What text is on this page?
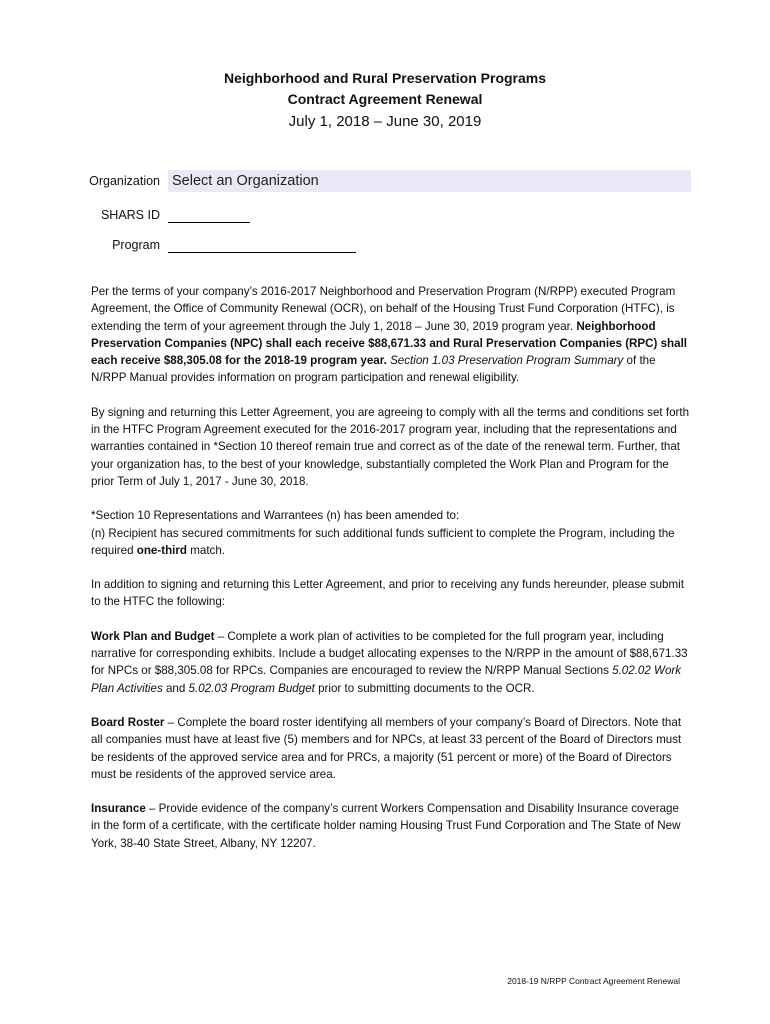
Neighborhood and Rural Preservation Programs
Contract Agreement Renewal
July 1, 2018 – June 30, 2019
Organization Select an Organization
SHARS ID
Program

Per the terms of your company’s 2016-2017 Neighborhood and Preservation Program (N/RPP) executed Program Agreement, the Office of Community Renewal (OCR), on behalf of the Housing Trust Fund Corporation (HTFC), is extending the term of your agreement through the July 1, 2018 – June 30, 2019 program year. Neighborhood Preservation Companies (NPC) shall each receive $88,671.33 and Rural Preservation Companies (RPC) shall each receive $88,305.08 for the 2018-19 program year. Section 1.03 Preservation Program Summary of the N/RPP Manual provides information on program participation and renewal eligibility.

By signing and returning this Letter Agreement, you are agreeing to comply with all the terms and conditions set forth in the HTFC Program Agreement executed for the 2016-2017 program year, including that the representations and warranties contained in *Section 10 thereof remain true and correct as of the date of the renewal term. Further, that your organization has, to the best of your knowledge, substantially completed the Work Plan and Program for the prior Term of July 1, 2017 - June 30, 2018.

*Section 10 Representations and Warrantees (n) has been amended to:
(n) Recipient has secured commitments for such additional funds sufficient to complete the Program, including the required one-third match.

In addition to signing and returning this Letter Agreement, and prior to receiving any funds hereunder, please submit to the HTFC the following:

Work Plan and Budget – Complete a work plan of activities to be completed for the full program year, including narrative for corresponding exhibits. Include a budget allocating expenses to the N/RPP in the amount of $88,671.33 for NPCs or $88,305.08 for RPCs. Companies are encouraged to review the N/RPP Manual Sections 5.02.02 Work Plan Activities and 5.02.03 Program Budget prior to submitting documents to the OCR.

Board Roster – Complete the board roster identifying all members of your company’s Board of Directors. Note that all companies must have at least five (5) members and for NPCs, at least 33 percent of the Board of Directors must be residents of the approved service area and for PRCs, a majority (51 percent or more) of the Board of Directors must be residents of the approved service area.

Insurance – Provide evidence of the company’s current Workers Compensation and Disability Insurance coverage in the form of a certificate, with the certificate holder naming Housing Trust Fund Corporation and The State of New York, 38-40 State Street, Albany, NY 12207.

2018-19 N/RPP Contract Agreement Renewal
